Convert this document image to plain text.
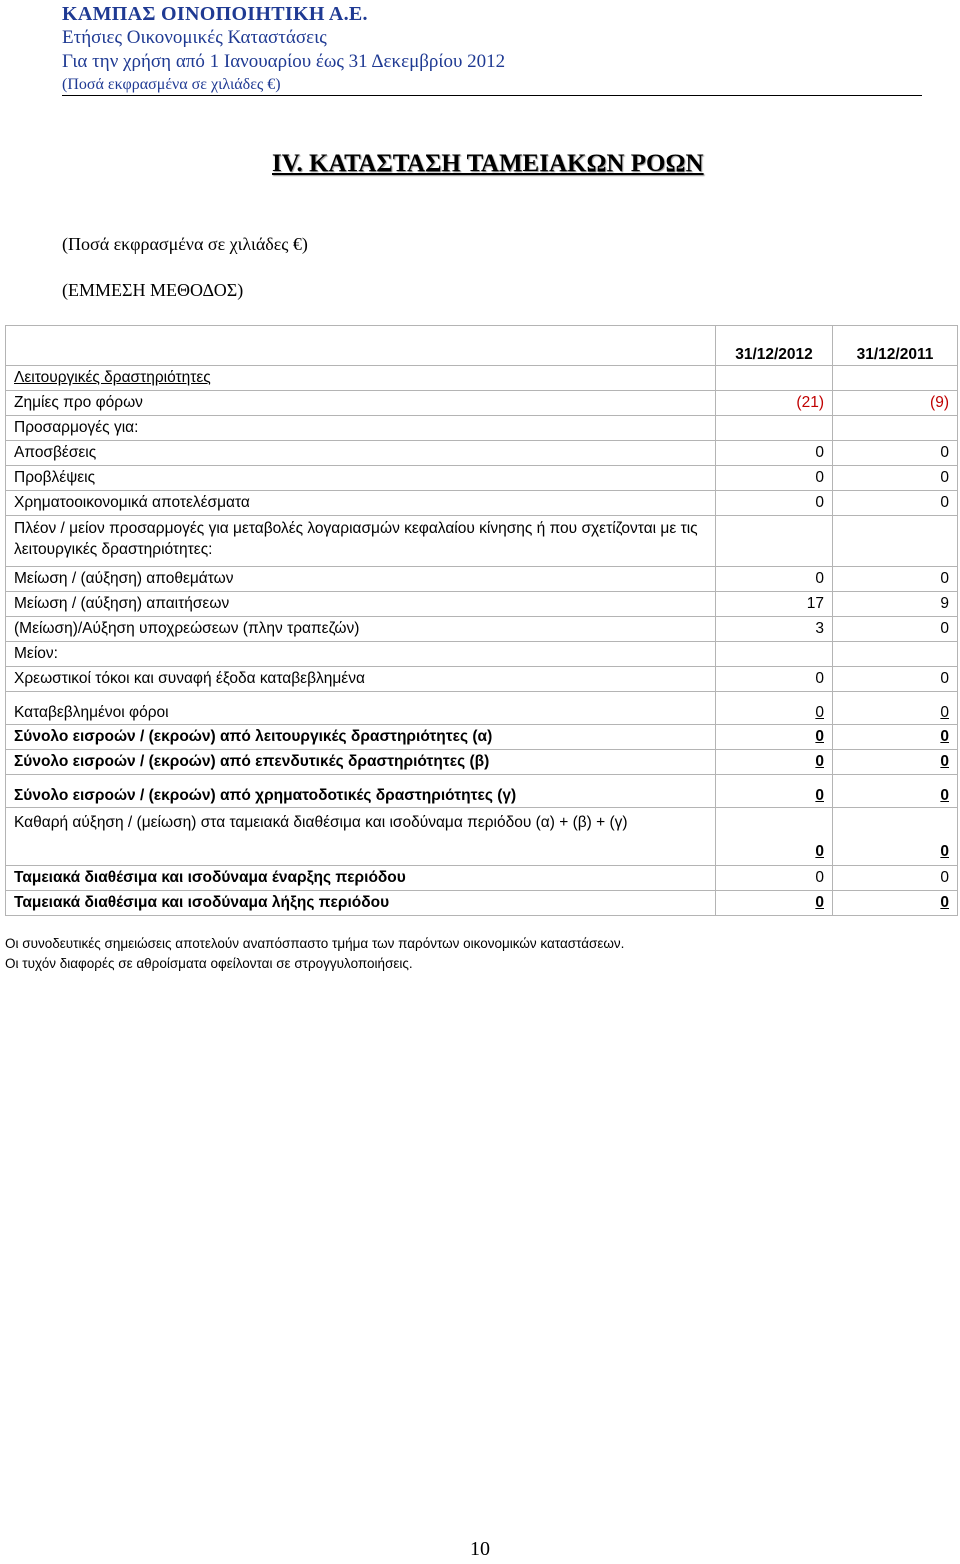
ΚΑΜΠΑΣ ΟΙΝΟΠΟΙΗΤΙΚΗ Α.Ε.
Ετήσιες Οικονομικές Καταστάσεις
Για την χρήση από 1 Ιανουαρίου έως 31 Δεκεμβρίου 2012
(Ποσά εκφρασμένα σε χιλιάδες €)
IV. ΚΑΤΑΣΤΑΣΗ ΤΑΜΕΙΑΚΩΝ ΡΟΩΝ
(Ποσά εκφρασμένα σε χιλιάδες €)
(ΕΜΜΕΣΗ ΜΕΘΟΔΟΣ)
	31/12/2012	31/12/2011
Λειτουργικές δραστηριότητες		
Ζημίες προ φόρων	(21)	(9)
Προσαρμογές για:		
Αποσβέσεις	0	0
Προβλέψεις	0	0
Χρηματοοικονομικά αποτελέσματα	0	0
Πλέον / μείον προσαρμογές για μεταβολές λογαριασμών κεφαλαίου κίνησης ή που σχετίζονται με τις λειτουργικές δραστηριότητες:		
Μείωση / (αύξηση) αποθεμάτων	0	0
Μείωση / (αύξηση) απαιτήσεων	17	9
(Μείωση)/Αύξηση υποχρεώσεων (πλην τραπεζών)	3	0
Μείον:		
Χρεωστικοί τόκοι και συναφή έξοδα καταβεβλημένα	0	0
Καταβεβλημένοι φόροι	0	0
Σύνολο εισροών / (εκροών) από λειτουργικές δραστηριότητες (α)	0	0
Σύνολο εισροών / (εκροών) από επενδυτικές δραστηριότητες (β)	0	0
Σύνολο εισροών / (εκροών) από χρηματοδοτικές δραστηριότητες (γ)	0	0
Καθαρή αύξηση / (μείωση) στα ταμειακά διαθέσιμα και ισοδύναμα περιόδου (α) + (β) + (γ)	0	0
Ταμειακά διαθέσιμα και ισοδύναμα έναρξης περιόδου	0	0
Ταμειακά διαθέσιμα και ισοδύναμα λήξης περιόδου	0	0
Οι συνοδευτικές σημειώσεις αποτελούν αναπόσπαστο τμήμα των παρόντων οικονομικών καταστάσεων.
Οι τυχόν διαφορές σε αθροίσματα οφείλονται σε στρογγυλοποιήσεις.
10
